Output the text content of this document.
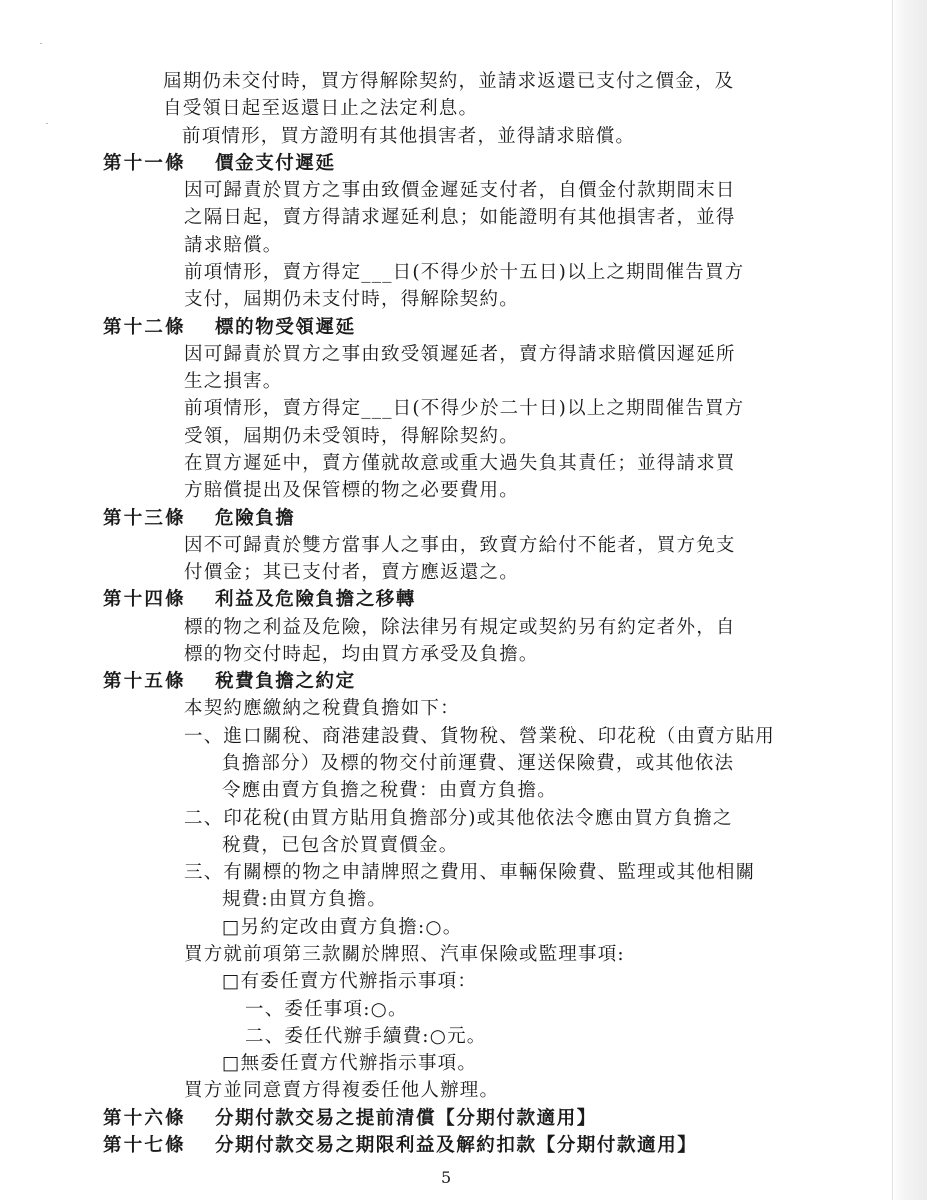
屆期仍未交付時，買方得解除契約，並請求返還已支付之價金，及
自受領日起至返還日止之法定利息。
前項情形，買方證明有其他損害者，並得請求賠償。
第十一條 價金支付遲延
因可歸責於買方之事由致價金遲延支付者，自價金付款期間末日
之隔日起，賣方得請求遲延利息；如能證明有其他損害者，並得
請求賠償。
前項情形，賣方得定___日(不得少於十五日)以上之期間催告買方
支付，屆期仍未支付時，得解除契約。
第十二條 標的物受領遲延
因可歸責於買方之事由致受領遲延者，賣方得請求賠償因遲延所
生之損害。
前項情形，賣方得定___日(不得少於二十日)以上之期間催告買方
受領，屆期仍未受領時，得解除契約。
在買方遲延中，賣方僅就故意或重大過失負其責任；並得請求買
方賠償提出及保管標的物之必要費用。
第十三條 危險負擔
因不可歸責於雙方當事人之事由，致賣方給付不能者，買方免支
付價金；其已支付者，賣方應返還之。
第十四條 利益及危險負擔之移轉
標的物之利益及危險，除法律另有規定或契約另有約定者外，自
標的物交付時起，均由買方承受及負擔。
第十五條 稅費負擔之約定
本契約應繳納之稅費負擔如下：
一、進口關稅、商港建設費、貨物稅、營業稅、印花稅（由賣方貼用
負擔部分）及標的物交付前運費、運送保險費，或其他依法
令應由賣方負擔之稅費：由賣方負擔。
二、印花稅(由買方貼用負擔部分)或其他依法令應由買方負擔之
稅費，已包含於買賣價金。
三、有關標的物之申請牌照之費用、車輛保險費、監理或其他相關
規費:由買方負擔。
□另約定改由賣方負擔:○。
買方就前項第三款關於牌照、汽車保險或監理事項:
□有委任賣方代辦指示事項：
一、委任事項:○。
二、委任代辦手續費:○元。
□無委任賣方代辦指示事項。
買方並同意賣方得複委任他人辦理。
第十六條 分期付款交易之提前清償【分期付款適用】
第十七條 分期付款交易之期限利益及解約扣款【分期付款適用】
5
